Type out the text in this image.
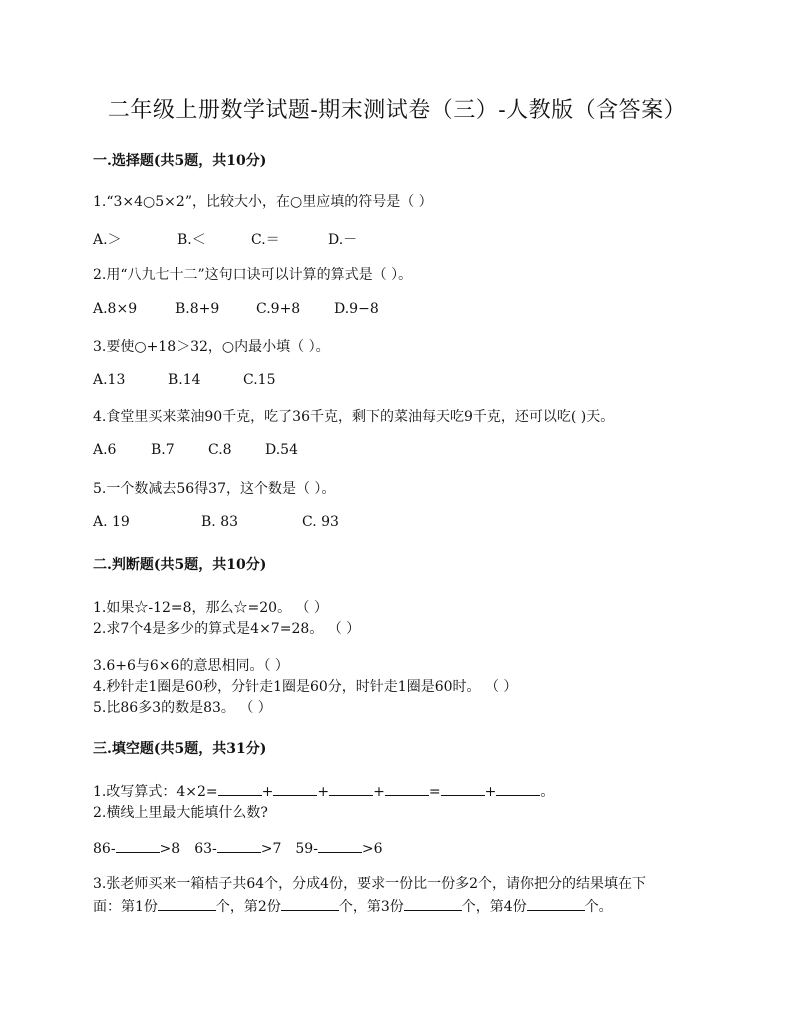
二年级上册数学试题-期末测试卷（三）-人教版（含答案）
一.选择题(共5题，共10分)
1.“3×4○5×2”，比较大小，在○里应填的符号是（ ）
A.＞	B.＜	C.＝	D.－
2.用“八九七十二”这句口诀可以计算的算式是（ ）。
A.8×9	B.8+9	C.9+8 D.9−8
3.要使○+18＞32，○内最小填（ ）。
A.13	B.14	C.15
4.食堂里买来菜油90千克，吃了36千克，剩下的菜油每天吃9千克，还可以吃( )天。
A.6 B.7 C.8 D.54
5.一个数减去56得37，这个数是（ ）。
A. 19	B. 83	C. 93
二.判断题(共5题，共10分)
1.如果☆-12=8，那么☆=20。 （ ）
2.求7个4是多少的算式是4×7=28。 （ ）
3.6+6与6×6的意思相同。（ ）
4.秒针走1圈是60秒，分针走1圈是60分，时针走1圈是60时。 （ ）
5.比86多3的数是83。 （ ）
三.填空题(共5题，共31分)
1.改写算式：4×2=	+	+	+	=	+	。
2.横线上里最大能填什么数?
86-	>8 63-	>7 59-	>6
3.张老师买来一箱桔子共64个，分成4份，要求一份比一份多2个，请你把分的结果填在下
面：第1份	个，第2份	个，第3份	个，第4份	个。
